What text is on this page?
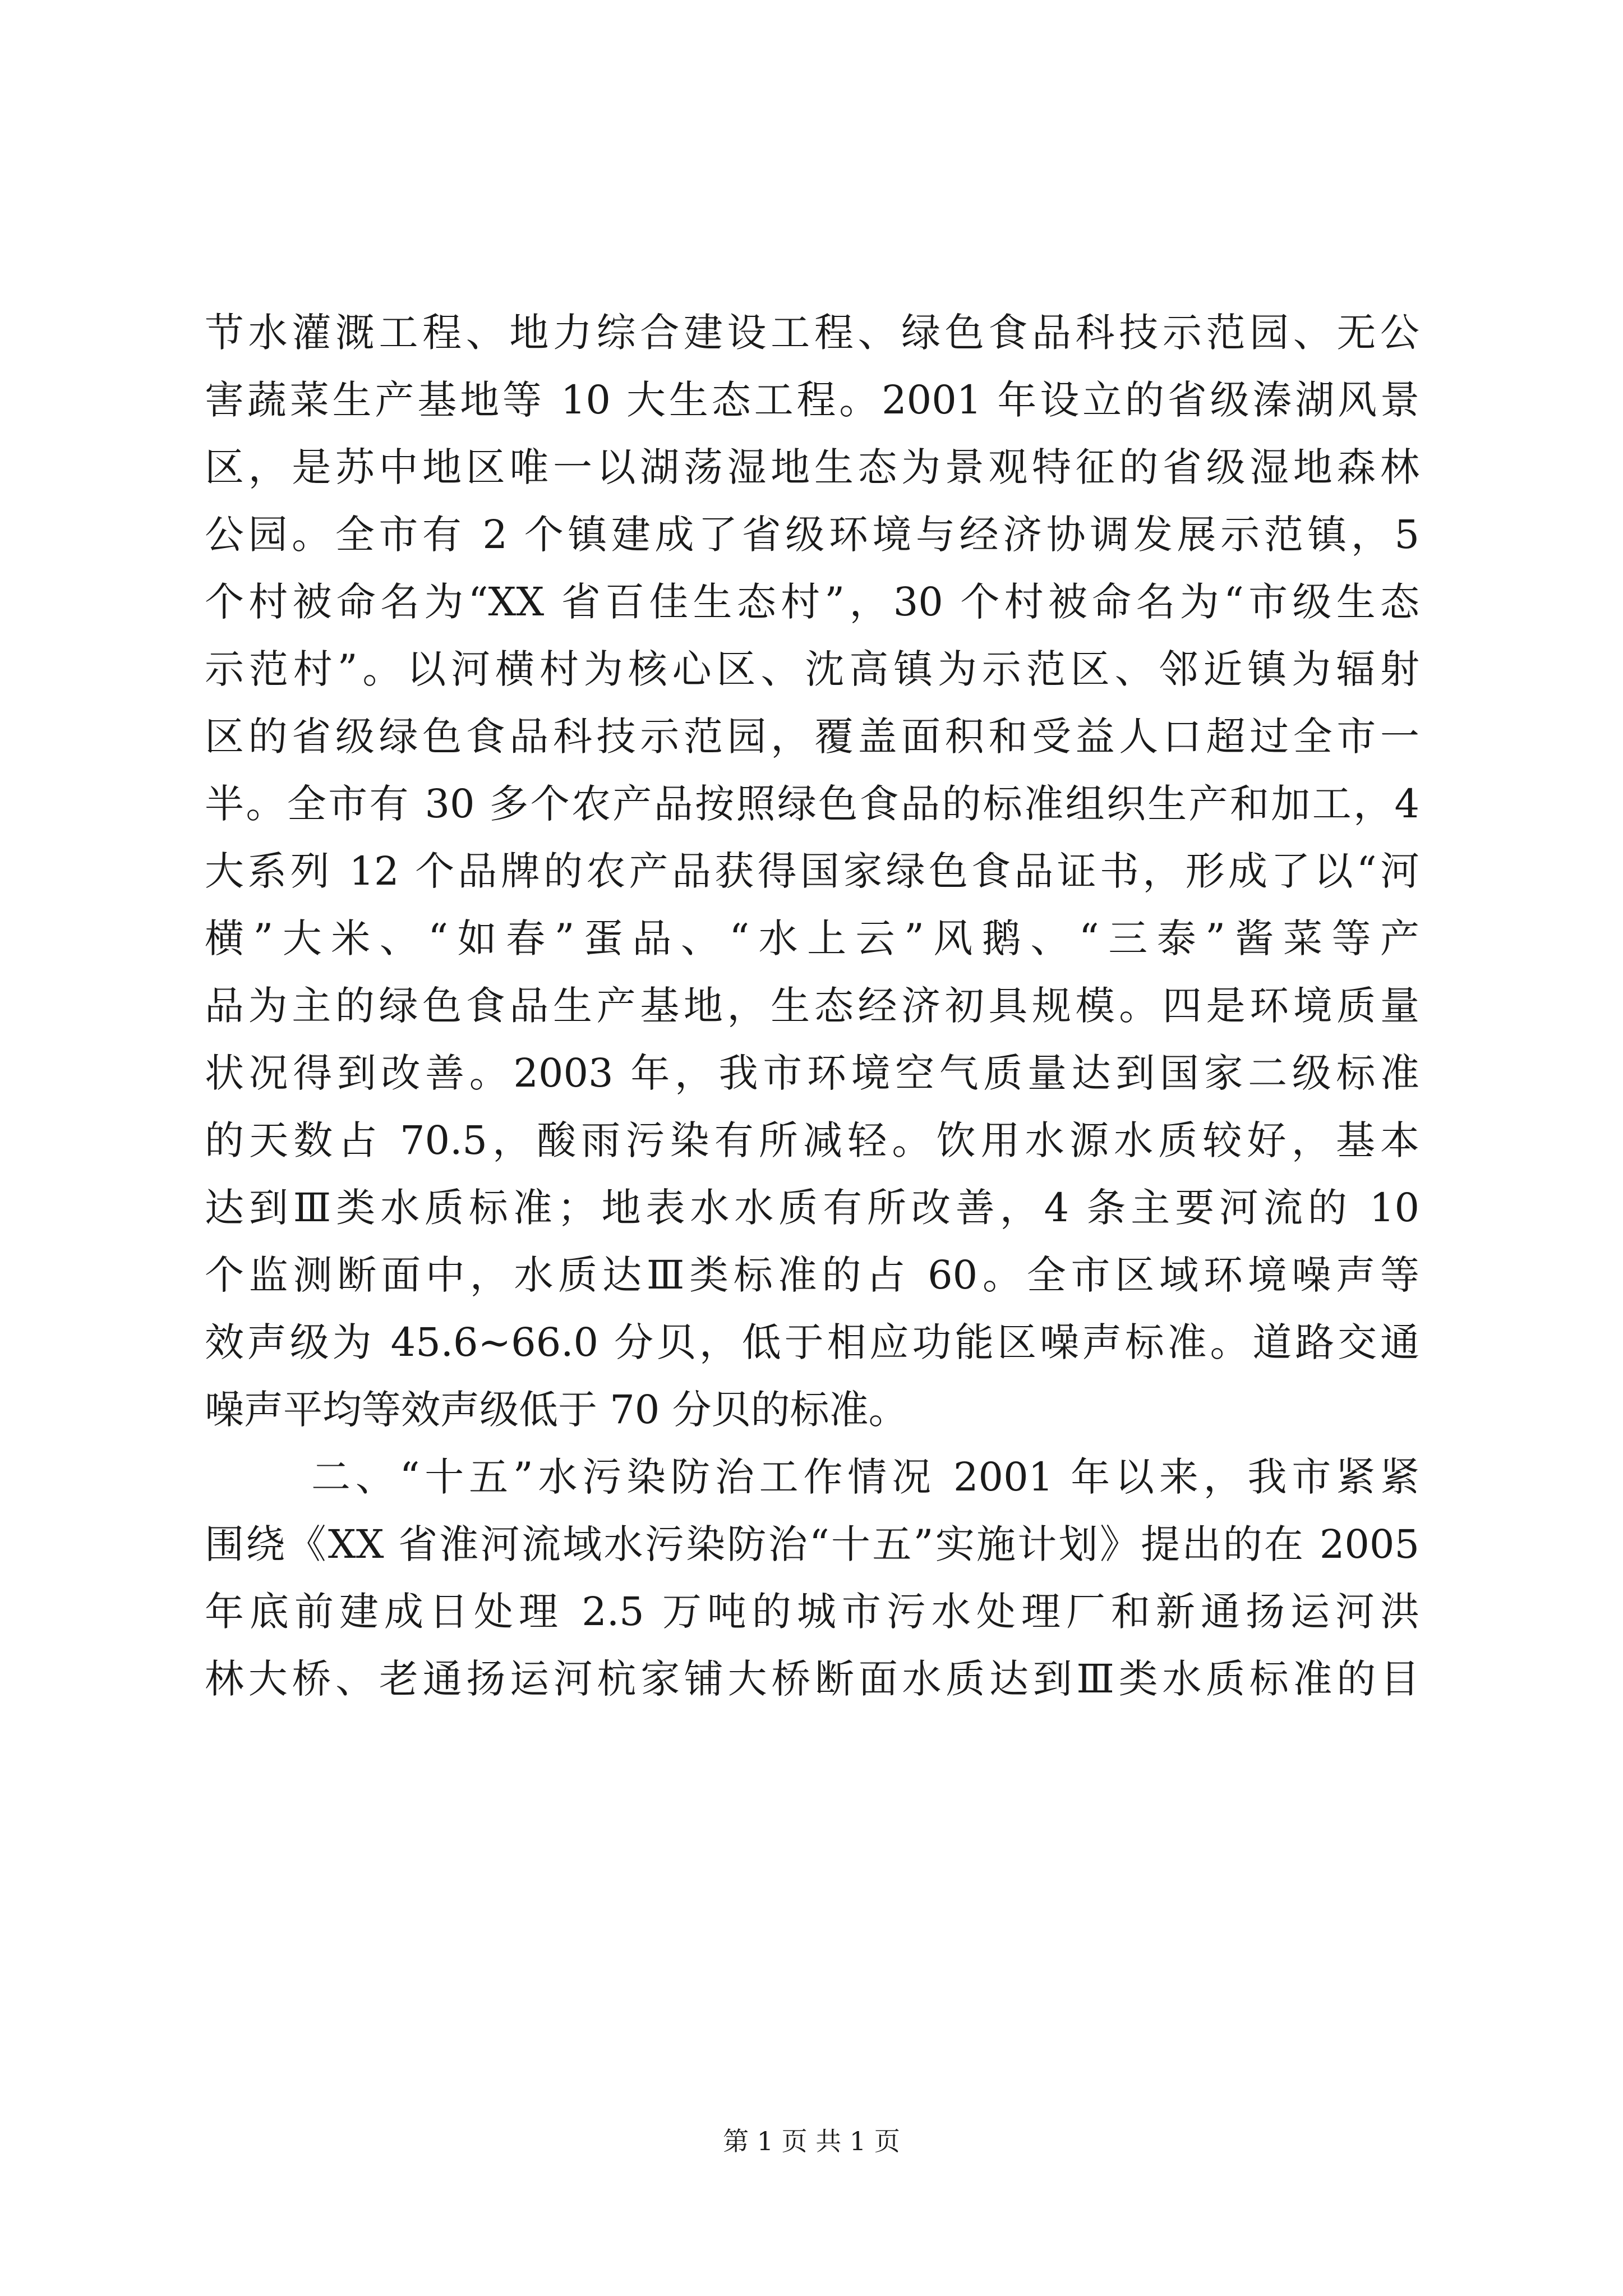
节水灌溉工程、地力综合建设工程、绿色食品科技示范园、无公

害蔬菜生产基地等 10 大生态工程。2001 年设立的省级溱湖风景

区，是苏中地区唯一以湖荡湿地生态为景观特征的省级湿地森林

公园。全市有 2 个镇建成了省级环境与经济协调发展示范镇，5

个村被命名为“XX 省百佳生态村”，30 个村被命名为“市级生态

示范村”。以河横村为核心区、沈高镇为示范区、邻近镇为辐射

区的省级绿色食品科技示范园，覆盖面积和受益人口超过全市一

半。全市有 30 多个农产品按照绿色食品的标准组织生产和加工，4

大系列 12 个品牌的农产品获得国家绿色食品证书，形成了以“河

横”大米、“如春”蛋品、“水上云”风鹅、“三泰”酱菜等产

品为主的绿色食品生产基地，生态经济初具规模。四是环境质量

状况得到改善。2003 年，我市环境空气质量达到国家二级标准

的天数占 70.5，酸雨污染有所减轻。饮用水源水质较好，基本

达到Ⅲ类水质标准；地表水水质有所改善，4 条主要河流的 10

个监测断面中，水质达Ⅲ类标准的占 60。全市区域环境噪声等

效声级为 45.6~66.0 分贝，低于相应功能区噪声标准。道路交通

噪声平均等效声级低于 70 分贝的标准。

二、“十五”水污染防治工作情况 2001 年以来，我市紧紧

围绕《XX 省淮河流域水污染防治“十五”实施计划》提出的在 2005

年底前建成日处理 2.5 万吨的城市污水处理厂和新通扬运河洪

林大桥、老通扬运河杭家铺大桥断面水质达到Ⅲ类水质标准的目

第 1 页 共 1 页
